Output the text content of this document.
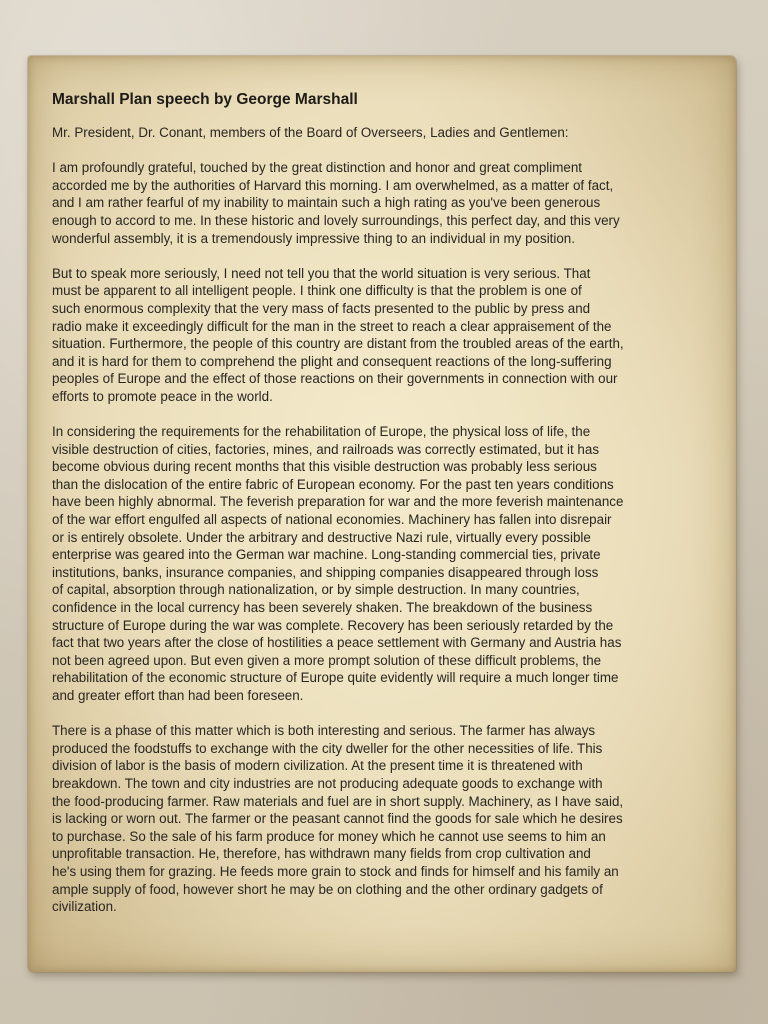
Marshall Plan speech by George Marshall

Mr. President, Dr. Conant, members of the Board of Overseers, Ladies and Gentlemen:

I am profoundly grateful, touched by the great distinction and honor and great compliment
accorded me by the authorities of Harvard this morning. I am overwhelmed, as a matter of fact,
and I am rather fearful of my inability to maintain such a high rating as you've been generous
enough to accord to me. In these historic and lovely surroundings, this perfect day, and this very
wonderful assembly, it is a tremendously impressive thing to an individual in my position.

But to speak more seriously, I need not tell you that the world situation is very serious. That
must be apparent to all intelligent people. I think one difficulty is that the problem is one of
such enormous complexity that the very mass of facts presented to the public by press and
radio make it exceedingly difficult for the man in the street to reach a clear appraisement of the
situation. Furthermore, the people of this country are distant from the troubled areas of the earth,
and it is hard for them to comprehend the plight and consequent reactions of the long-suffering
peoples of Europe and the effect of those reactions on their governments in connection with our
efforts to promote peace in the world.

In considering the requirements for the rehabilitation of Europe, the physical loss of life, the
visible destruction of cities, factories, mines, and railroads was correctly estimated, but it has
become obvious during recent months that this visible destruction was probably less serious
than the dislocation of the entire fabric of European economy. For the past ten years conditions
have been highly abnormal. The feverish preparation for war and the more feverish maintenance
of the war effort engulfed all aspects of national economies. Machinery has fallen into disrepair
or is entirely obsolete. Under the arbitrary and destructive Nazi rule, virtually every possible
enterprise was geared into the German war machine. Long-standing commercial ties, private
institutions, banks, insurance companies, and shipping companies disappeared through loss
of capital, absorption through nationalization, or by simple destruction. In many countries,
confidence in the local currency has been severely shaken. The breakdown of the business
structure of Europe during the war was complete. Recovery has been seriously retarded by the
fact that two years after the close of hostilities a peace settlement with Germany and Austria has
not been agreed upon. But even given a more prompt solution of these difficult problems, the
rehabilitation of the economic structure of Europe quite evidently will require a much longer time
and greater effort than had been foreseen.

There is a phase of this matter which is both interesting and serious. The farmer has always
produced the foodstuffs to exchange with the city dweller for the other necessities of life. This
division of labor is the basis of modern civilization. At the present time it is threatened with
breakdown. The town and city industries are not producing adequate goods to exchange with
the food-producing farmer. Raw materials and fuel are in short supply. Machinery, as I have said,
is lacking or worn out. The farmer or the peasant cannot find the goods for sale which he desires
to purchase. So the sale of his farm produce for money which he cannot use seems to him an
unprofitable transaction. He, therefore, has withdrawn many fields from crop cultivation and
he's using them for grazing. He feeds more grain to stock and finds for himself and his family an
ample supply of food, however short he may be on clothing and the other ordinary gadgets of
civilization.
